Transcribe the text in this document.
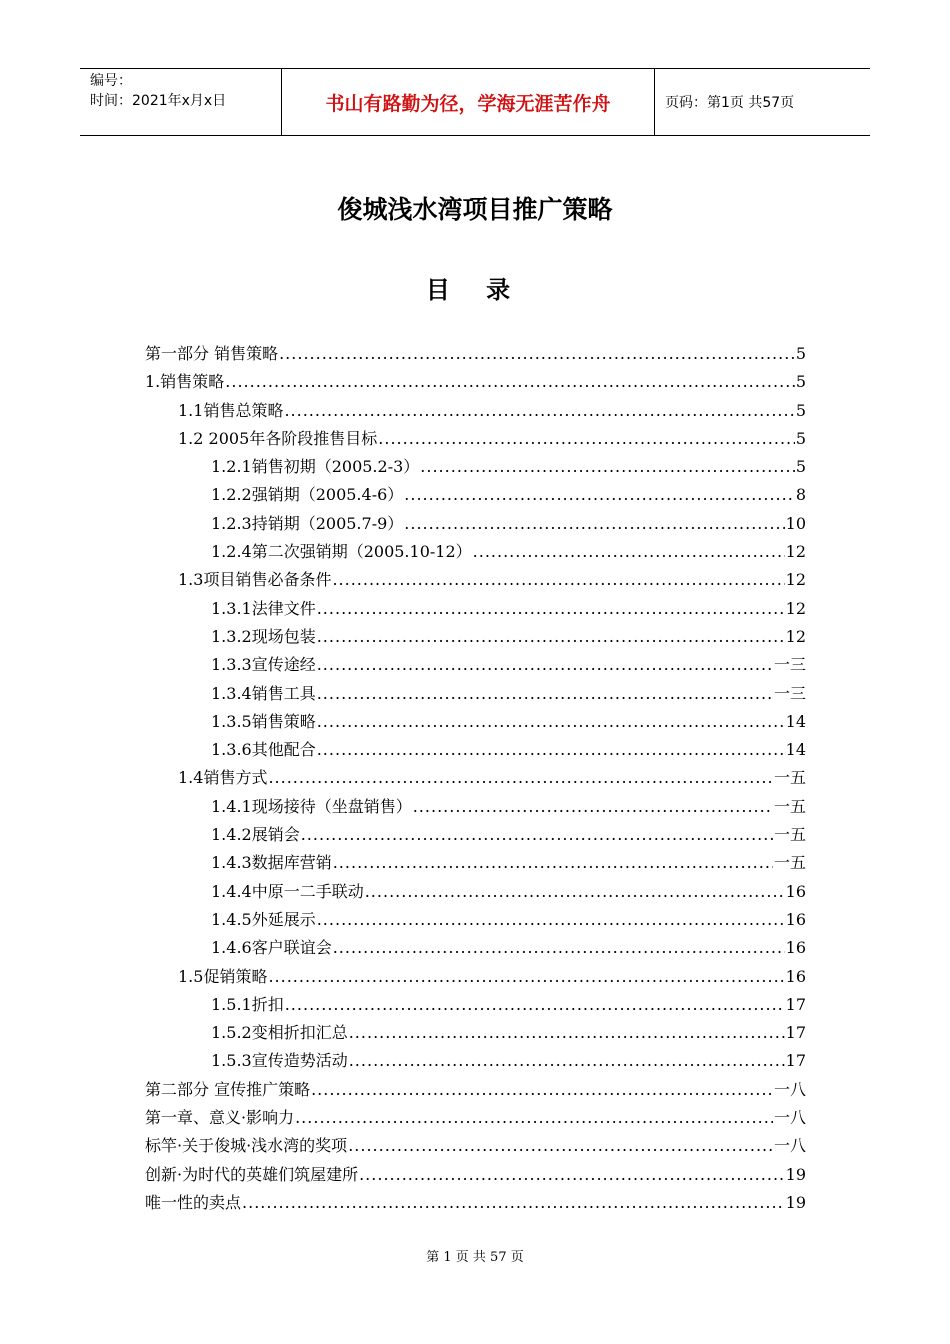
编号：
时间：2021年x月x日	书山有路勤为径，学海无涯苦作舟	页码：第1页 共57页
俊城浅水湾项目推广策略
目 录
第一部分 销售策略 .....	5
1.销售策略 .....	5
1.1销售总策略 .....	5
1.2 2005年各阶段推售目标 .....	5
1.2.1销售初期（2005.2-3） .....	5
1.2.2强销期（2005.4-6） .....	8
1.2.3持销期（2005.7-9） .....	10
1.2.4第二次强销期（2005.10-12） .....	12
1.3项目销售必备条件 .....	12
1.3.1法律文件 .....	12
1.3.2现场包装 .....	12
1.3.3宣传途经 .....	一三
1.3.4销售工具 .....	一三
1.3.5销售策略 .....	14
1.3.6其他配合 .....	14
1.4销售方式 .....	一五
1.4.1现场接待（坐盘销售） .....	一五
1.4.2展销会 .....	一五
1.4.3数据库营销 .....	一五
1.4.4中原一二手联动 .....	16
1.4.5外延展示 .....	16
1.4.6客户联谊会 .....	16
1.5促销策略 .....	16
1.5.1折扣 .....	17
1.5.2变相折扣汇总 .....	17
1.5.3宣传造势活动 .....	17
第二部分 宣传推广策略 .....	一八
第一章、意义·影响力 .....	一八
标竿·关于俊城·浅水湾的奖项 .....	一八
创新·为时代的英雄们筑屋建所 .....	19
唯一性的卖点 .....	19
第 1 页 共 57 页
